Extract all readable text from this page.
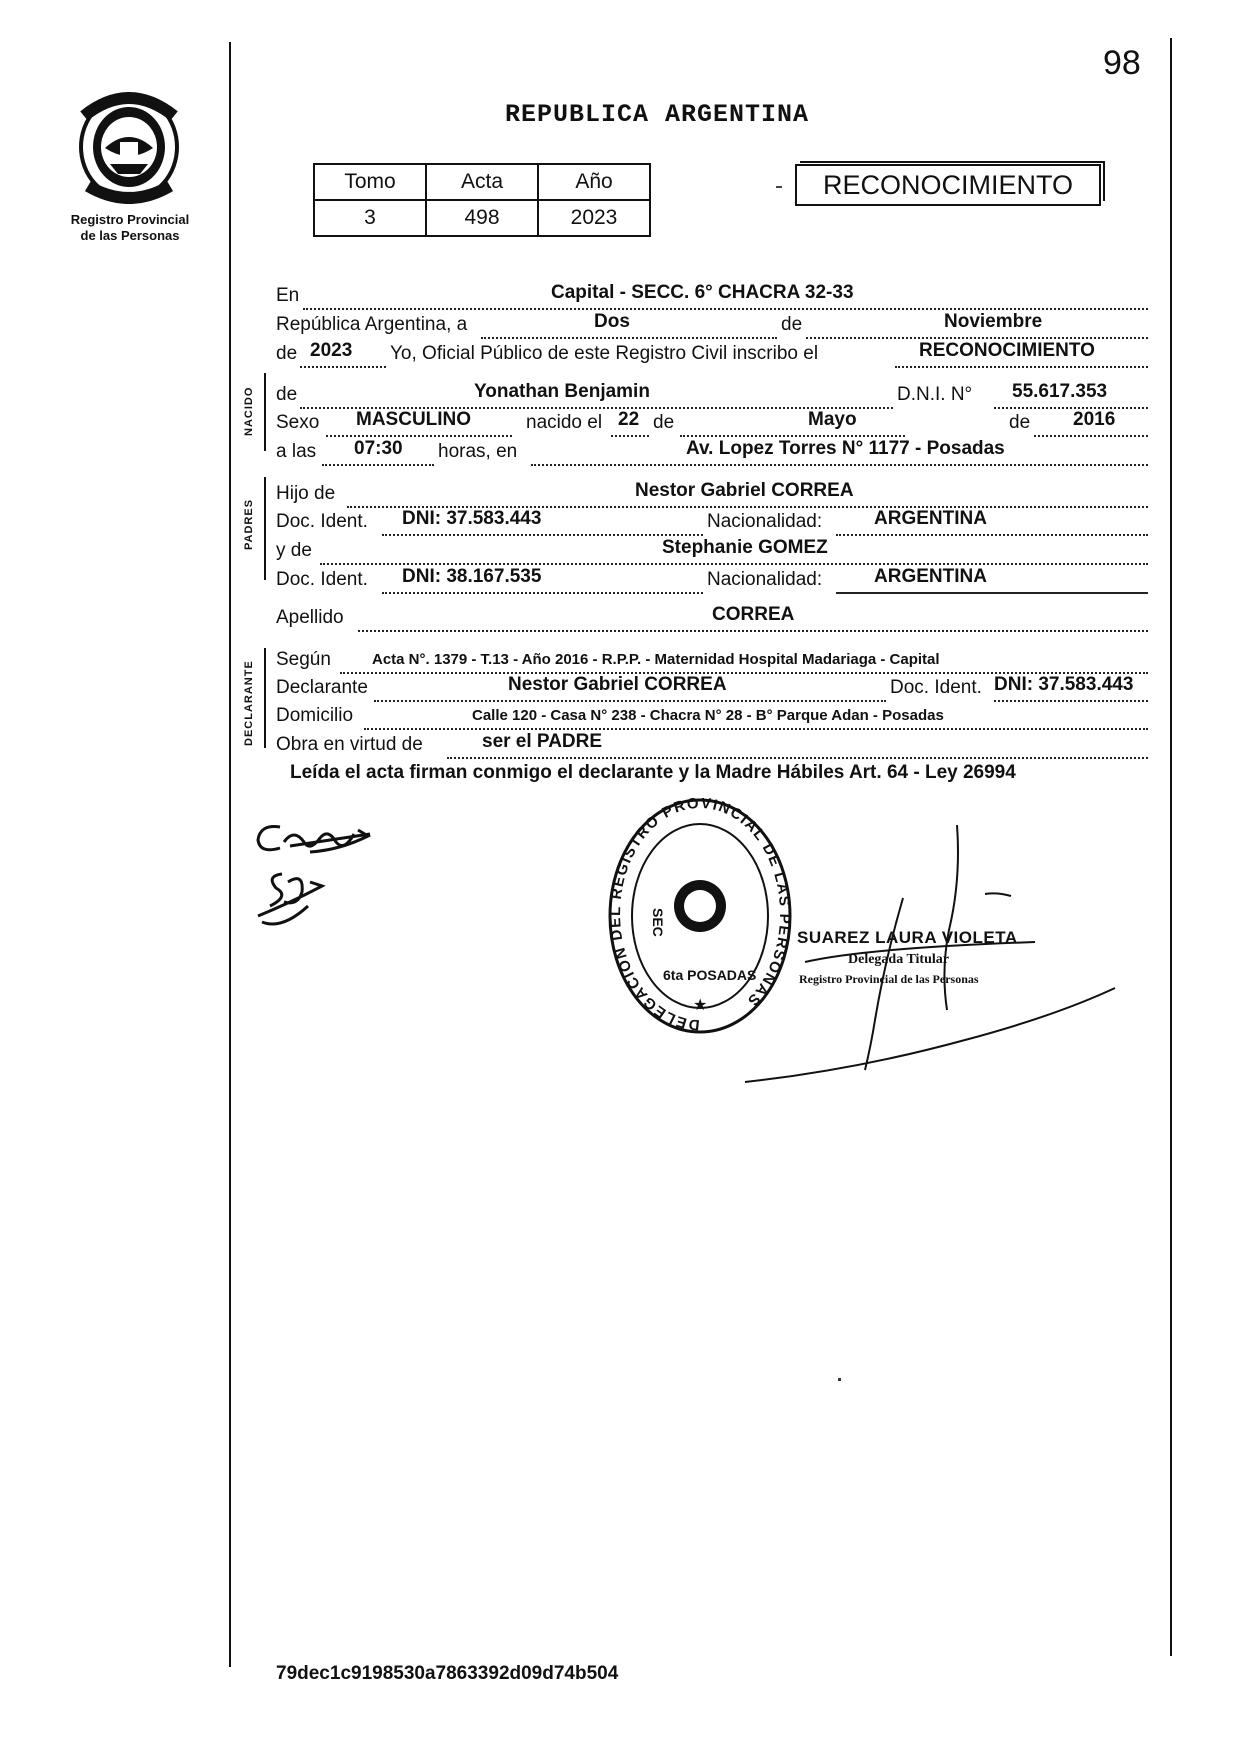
98
Registro Provincial
de las Personas
REPUBLICA ARGENTINA
Tomo	Acta	Año
3	498	2023
RECONOCIMIENTO
NACIDO
PADRES
DECLARANTE
En	Capital - SECC. 6° CHACRA 32-33
República Argentina, a	Dos	de	Noviembre
de 2023 Yo, Oficial Público de este Registro Civil inscribo el	RECONOCIMIENTO
de	Yonathan Benjamin	D.N.I. N° 55.617.353
Sexo MASCULINO	nacido el 22 de	Mayo	de 2016
a las 07:30 horas, en	Av. Lopez Torres N° 1177 - Posadas
Hijo de	Nestor Gabriel CORREA
Doc. Ident. DNI: 37.583.443	Nacionalidad:	ARGENTINA
y de	Stephanie GOMEZ
Doc. Ident. DNI: 38.167.535	Nacionalidad:	ARGENTINA
Apellido	CORREA
Según	Acta N°. 1379 - T.13 - Año 2016 - R.P.P. - Maternidad Hospital Madariaga - Capital
Declarante	Nestor Gabriel CORREA	Doc. Ident. DNI: 37.583.443
Domicilio	Calle 120 - Casa N° 238 - Chacra N° 28 - B° Parque Adan - Posadas
Obra en virtud de	ser el PADRE
Leída el acta firman conmigo el declarante y la Madre Hábiles Art. 64 - Ley 26994
DELEGACION DEL REGISTRO PROVINCIAL DE LAS PERSONAS
SEC
6ta POSADAS
★
SUAREZ LAURA VIOLETA
Delegada Titular
Registro Provincial de las Personas
79dec1c9198530a7863392d09d74b504
